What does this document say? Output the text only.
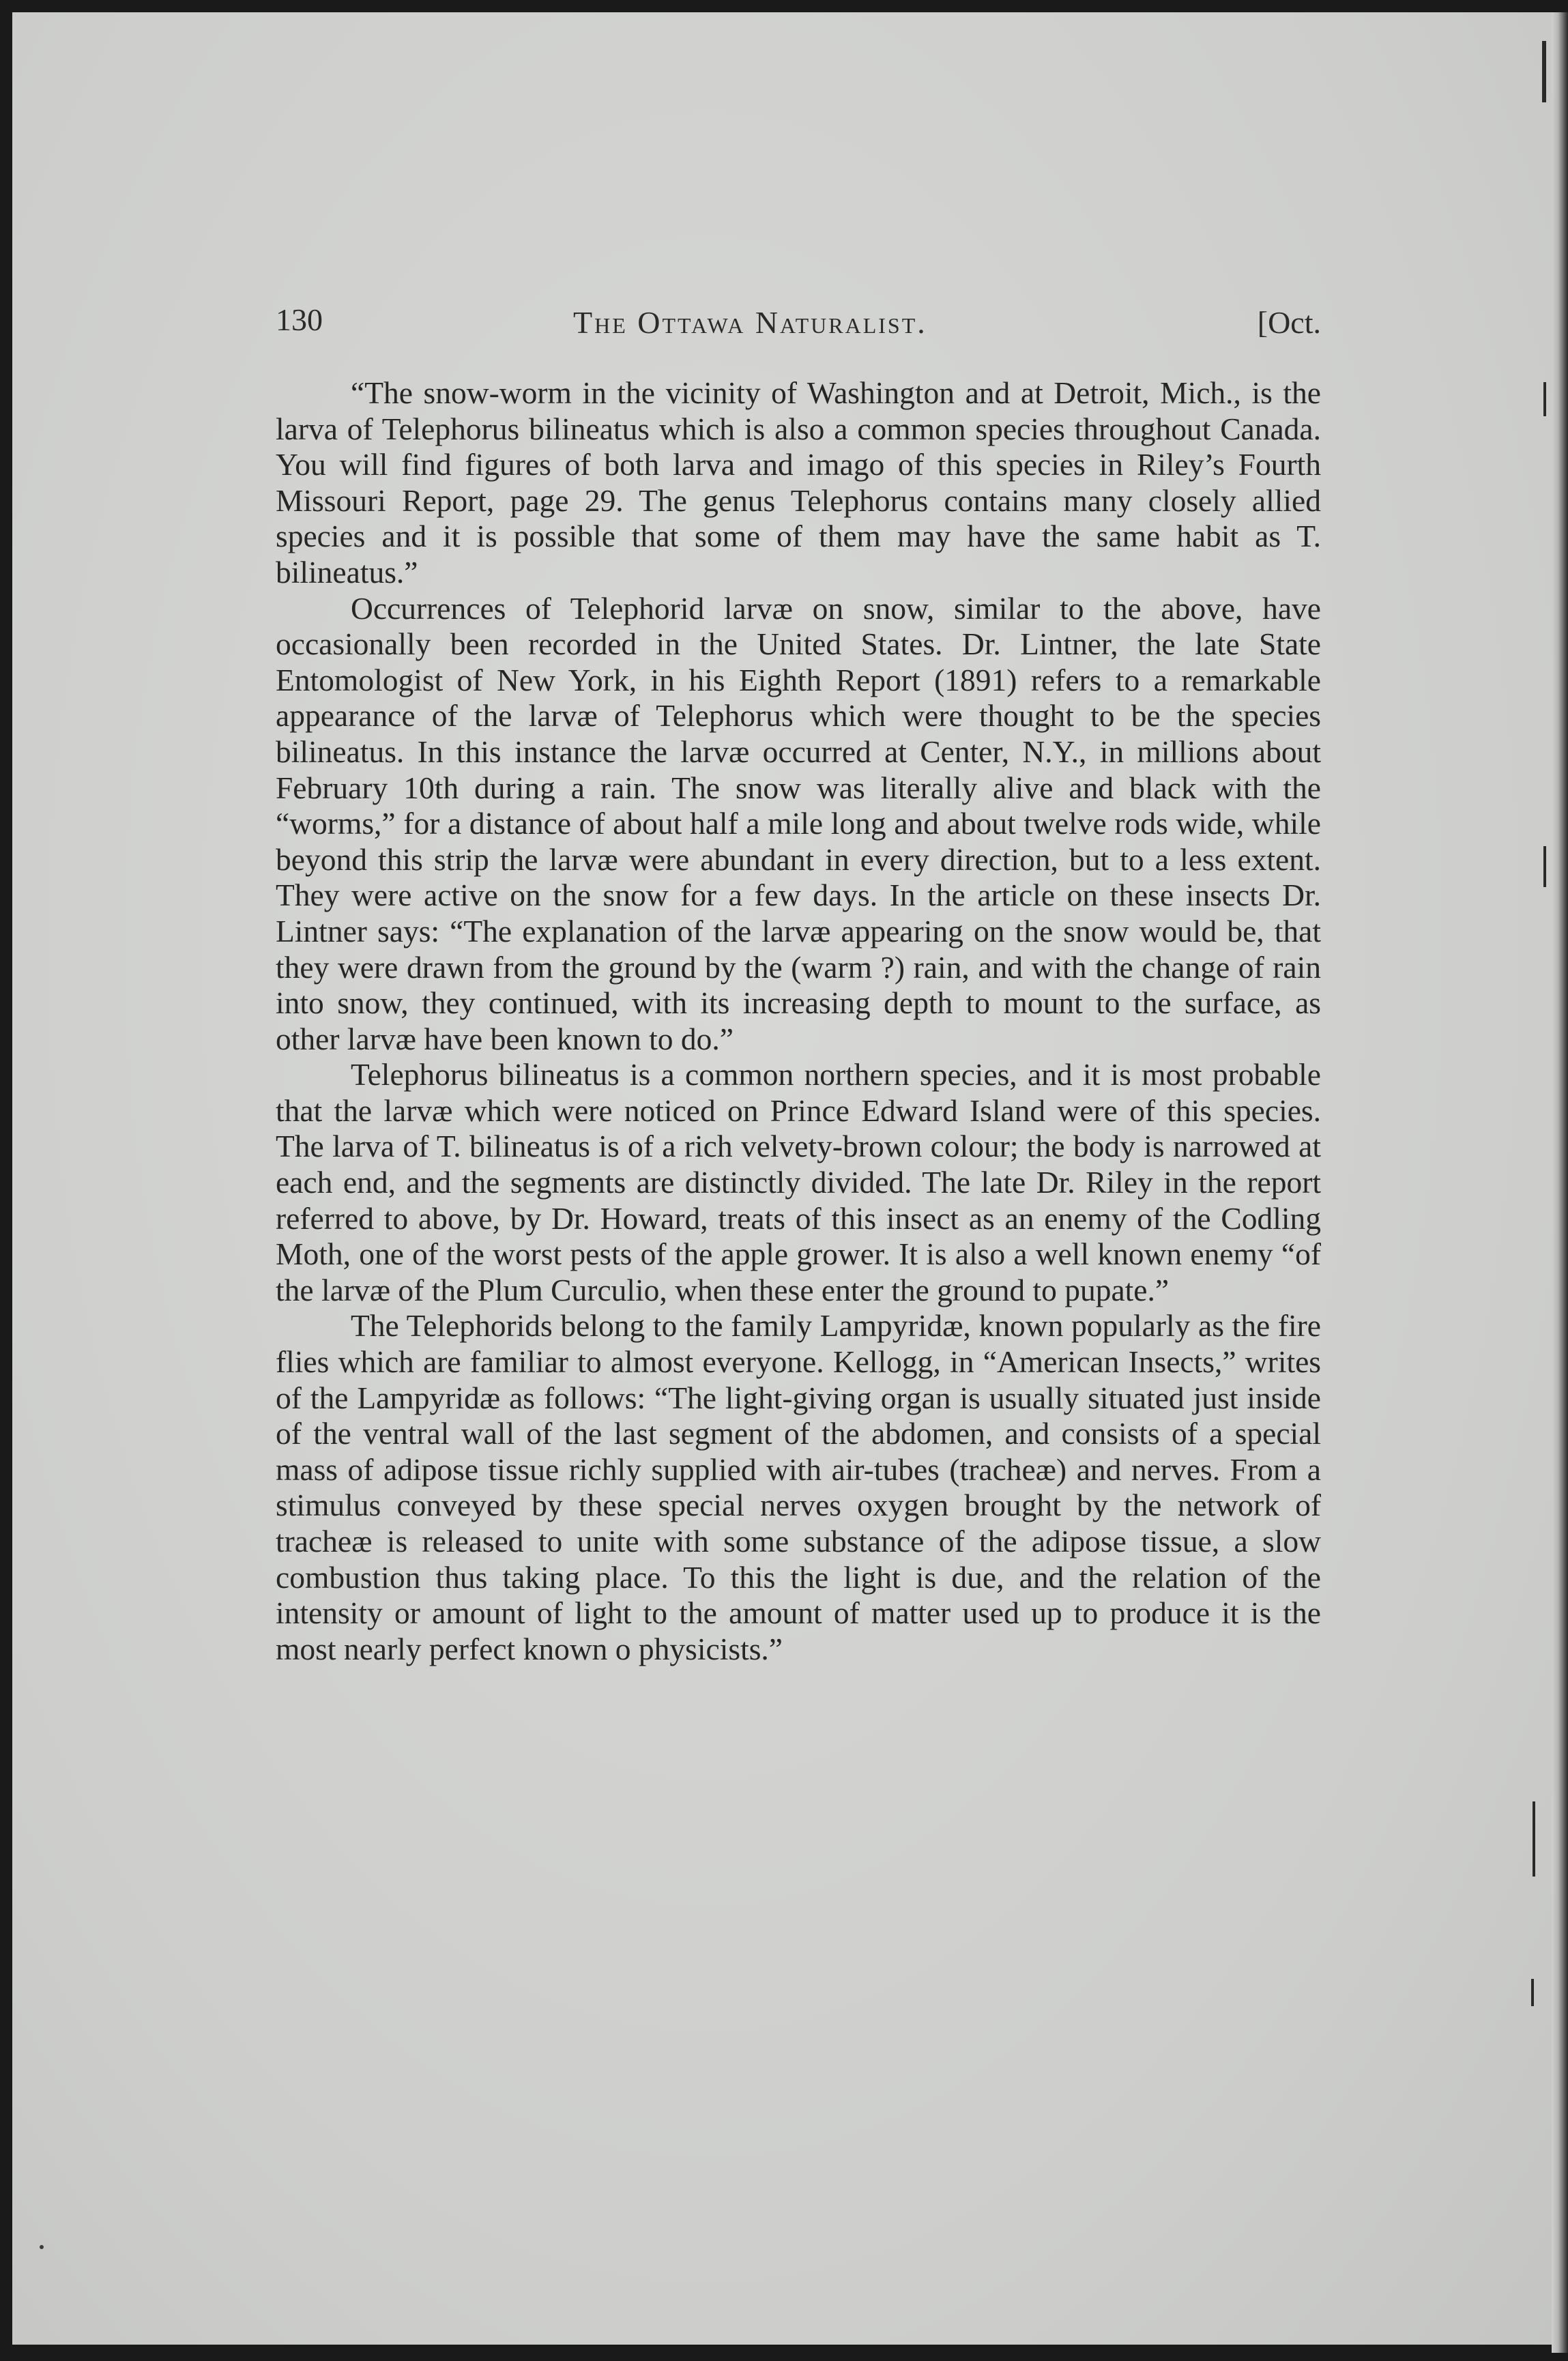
130	The Ottawa Naturalist.	[Oct.

“The snow-worm in the vicinity of Washington and at Detroit, Mich., is the larva of Telephorus bilineatus which is also a common species throughout Canada. You will find figures of both larva and imago of this species in Riley’s Fourth Missouri Report, page 29. The genus Telephorus contains many closely allied species and it is possible that some of them may have the same habit as T. bilineatus.”

Occurrences of Telephorid larvæ on snow, similar to the above, have occasionally been recorded in the United States. Dr. Lintner, the late State Entomologist of New York, in his Eighth Report (1891) refers to a remarkable appearance of the larvæ of Telephorus which were thought to be the species bilineatus. In this instance the larvæ occurred at Center, N.Y., in millions about February 10th during a rain. The snow was literally alive and black with the “worms,” for a distance of about half a mile long and about twelve rods wide, while beyond this strip the larvæ were abundant in every direction, but to a less extent. They were active on the snow for a few days. In the article on these insects Dr. Lintner says: “The explanation of the larvæ appearing on the snow would be, that they were drawn from the ground by the (warm ?) rain, and with the change of rain into snow, they continued, with its increasing depth to mount to the surface, as other larvæ have been known to do.”

Telephorus bilineatus is a common northern species, and it is most probable that the larvæ which were noticed on Prince Edward Island were of this species. The larva of T. bilineatus is of a rich velvety-brown colour; the body is narrowed at each end, and the segments are distinctly divided. The late Dr. Riley in the report referred to above, by Dr. Howard, treats of this insect as an enemy of the Codling Moth, one of the worst pests of the apple grower. It is also a well known enemy “of the larvæ of the Plum Curculio, when these enter the ground to pupate.”

The Telephorids belong to the family Lampyridæ, known popularly as the fire flies which are familiar to almost everyone. Kellogg, in “American Insects,” writes of the Lampyridæ as follows: “The light-giving organ is usually situated just inside of the ventral wall of the last segment of the abdomen, and consists of a special mass of adipose tissue richly supplied with air-tubes (tracheæ) and nerves. From a stimulus conveyed by these special nerves oxygen brought by the network of tracheæ is released to unite with some substance of the adipose tissue, a slow combustion thus taking place. To this the light is due, and the relation of the intensity or amount of light to the amount of matter used up to produce it is the most nearly perfect known o physicists.”
